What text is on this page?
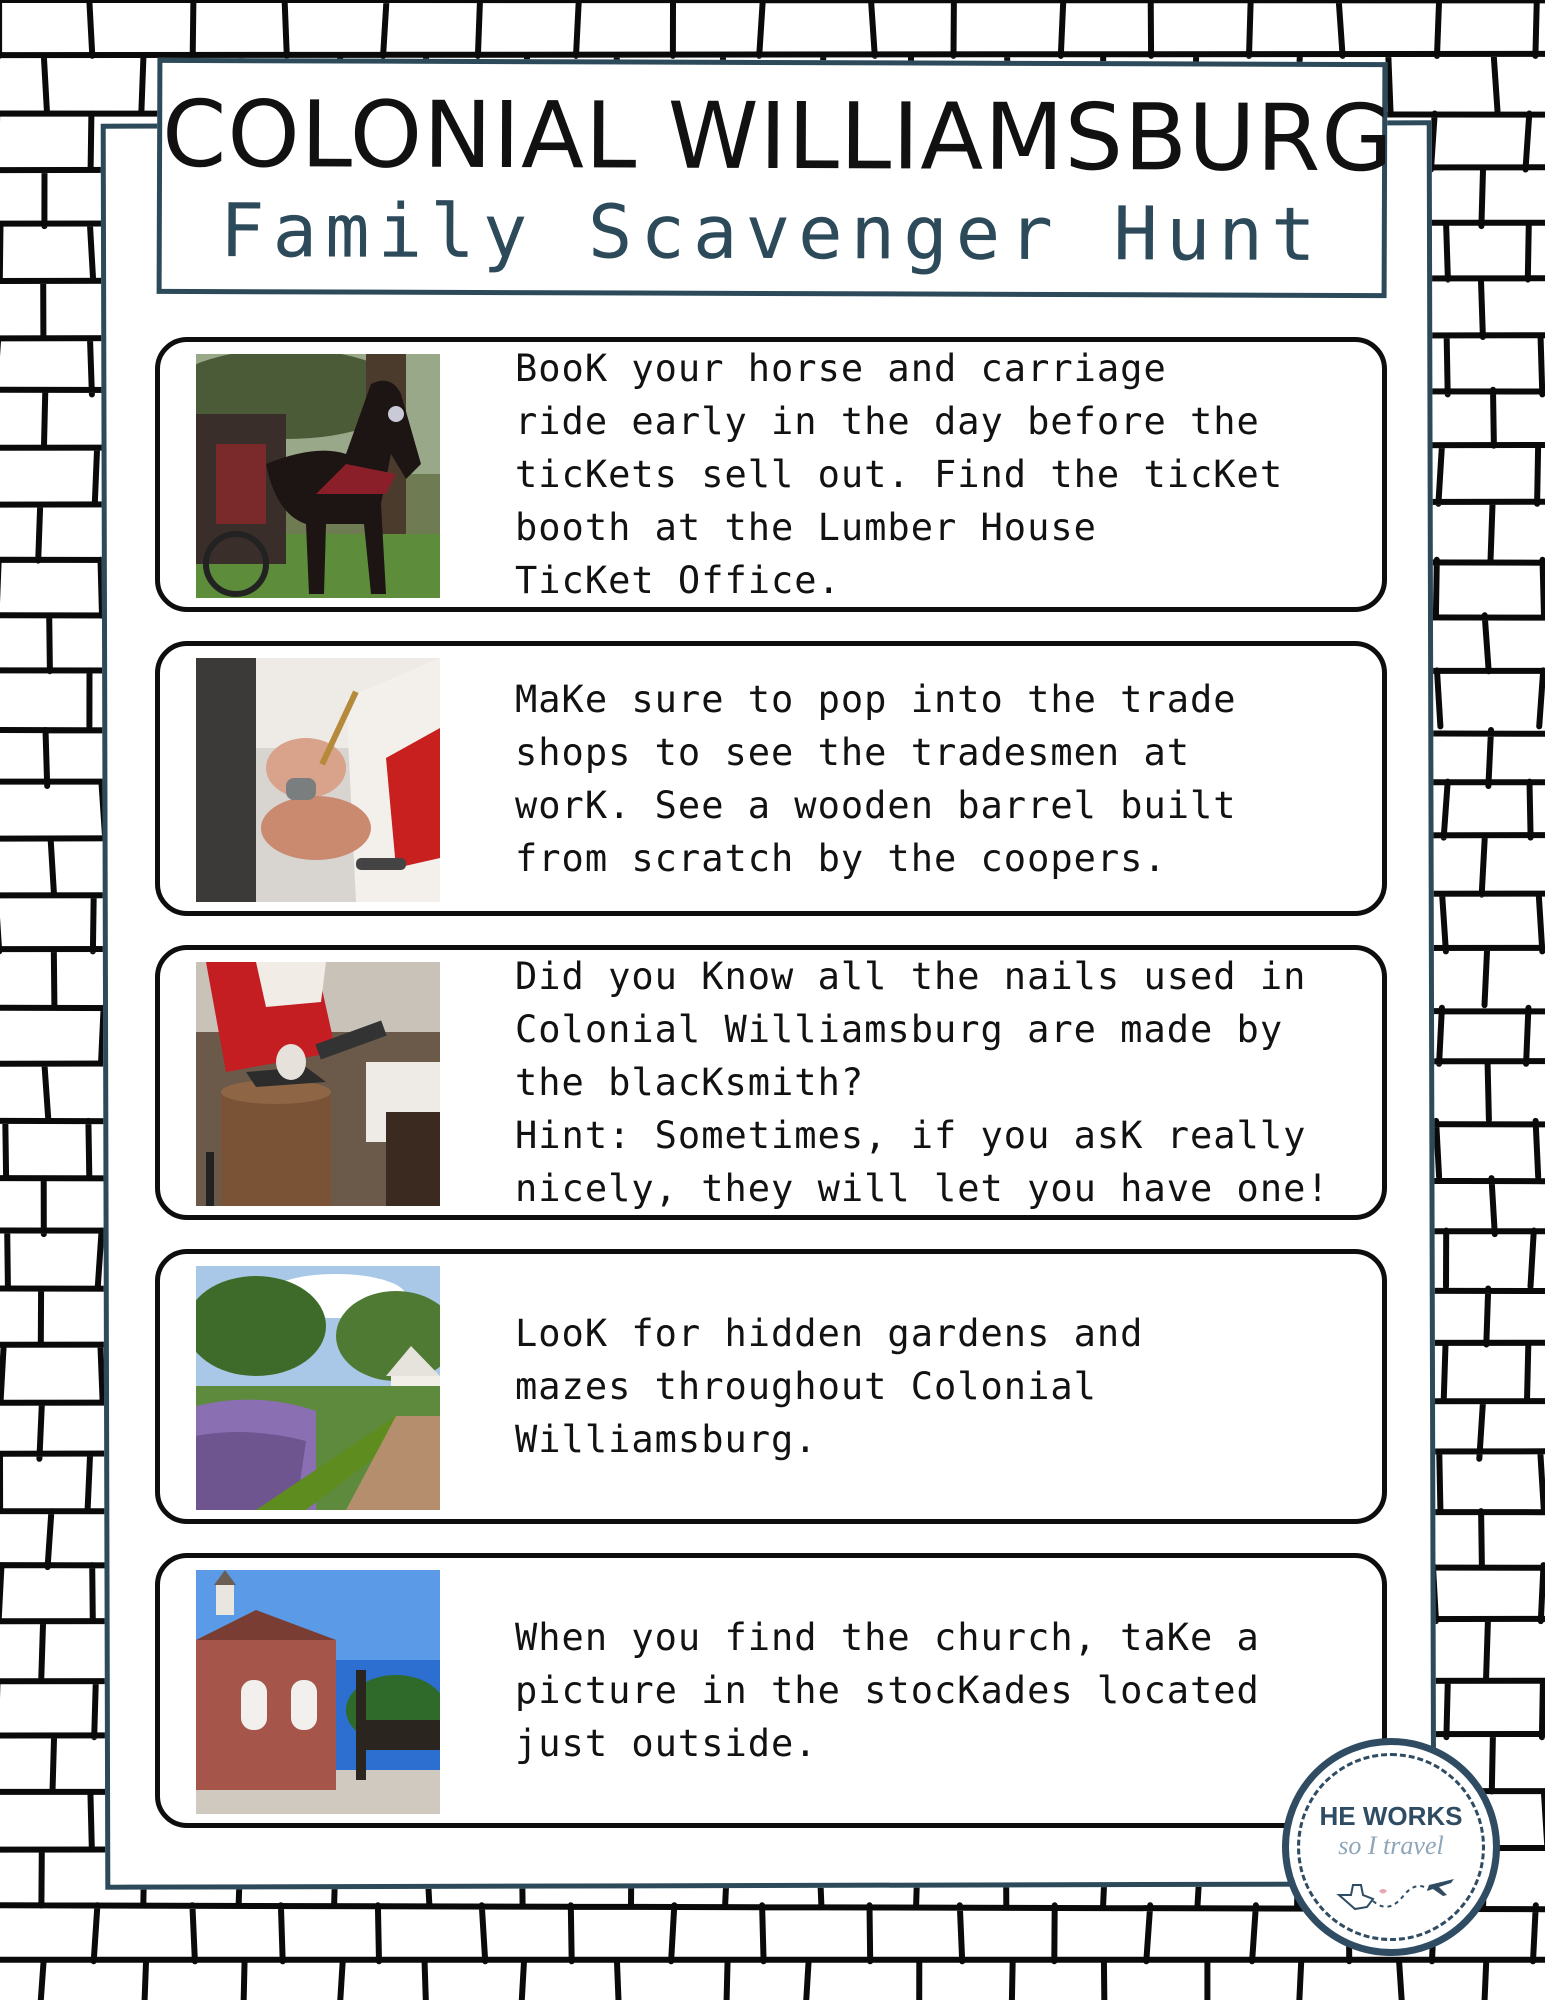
COLONIAL WILLIAMSBURG
Family Scavenger Hunt
BooK your horse and carriage
ride early in the day before the
ticKets sell out. Find the ticKet
booth at the Lumber House
TicKet Office.
MaKe sure to pop into the trade
shops to see the tradesmen at
worK. See a wooden barrel built
from scratch by the coopers.
Did you Know all the nails used in
Colonial Williamsburg are made by
the blacKsmith?
Hint: Sometimes, if you asK really
nicely, they will let you have one!
LooK for hidden gardens and
mazes throughout Colonial
Williamsburg.
When you find the church, taKe a
picture in the stocKades located
just outside.
HE WORKS
so I travel
